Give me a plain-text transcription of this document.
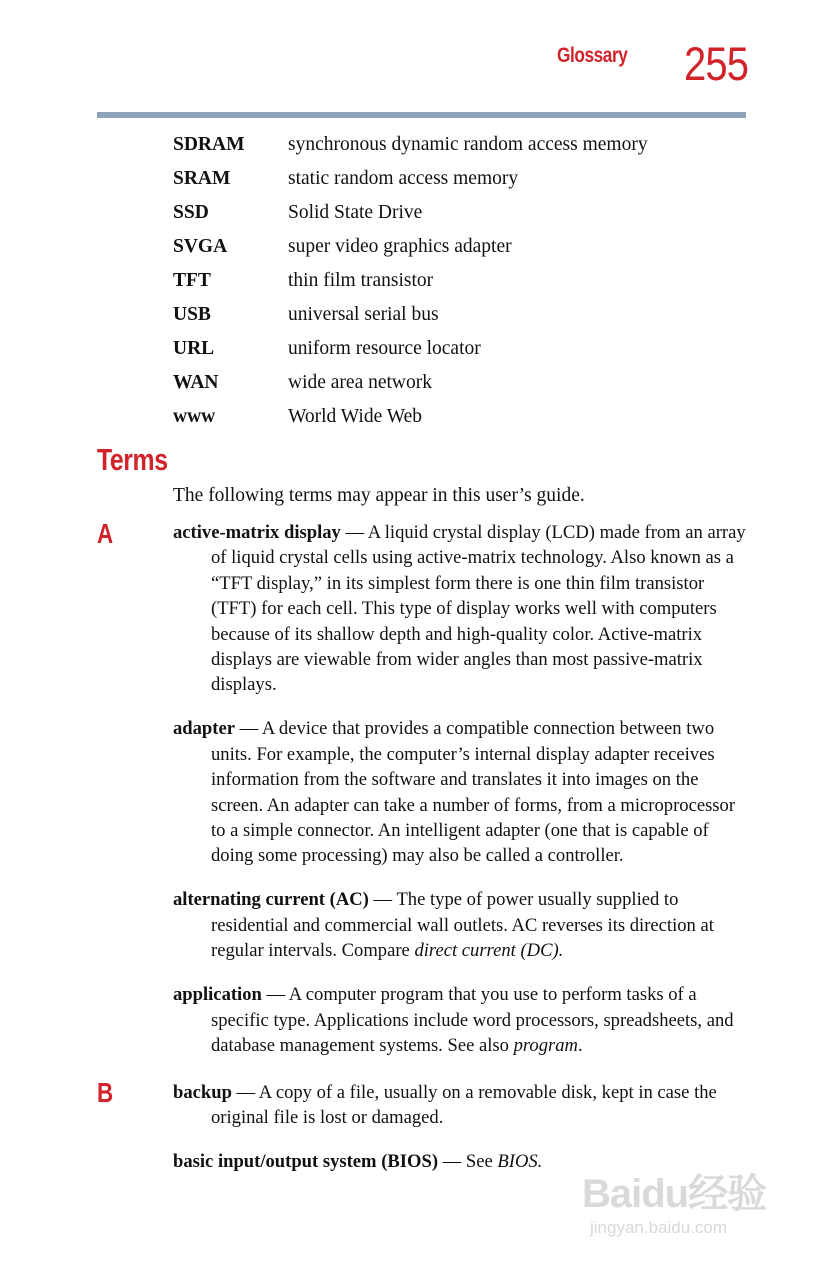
Glossary 255
SDRAM	synchronous dynamic random access memory
SRAM	static random access memory
SSD	Solid State Drive
SVGA	super video graphics adapter
TFT	thin film transistor
USB	universal serial bus
URL	uniform resource locator
WAN	wide area network
www	World Wide Web
Terms
The following terms may appear in this user’s guide.
A
B

active-matrix display — A liquid crystal display (LCD) made from an array of liquid crystal cells using active-matrix technology. Also known as a “TFT display,” in its simplest form there is one thin film transistor (TFT) for each cell. This type of display works well with computers because of its shallow depth and high-quality color. Active-matrix displays are viewable from wider angles than most passive-matrix displays.

adapter — A device that provides a compatible connection between two units. For example, the computer’s internal display adapter receives information from the software and translates it into images on the screen. An adapter can take a number of forms, from a microprocessor to a simple connector. An intelligent adapter (one that is capable of doing some processing) may also be called a controller.

alternating current (AC) — The type of power usually supplied to residential and commercial wall outlets. AC reverses its direction at regular intervals. Compare direct current (DC).

application — A computer program that you use to perform tasks of a specific type. Applications include word processors, spreadsheets, and database management systems. See also program.

backup — A copy of a file, usually on a removable disk, kept in case the original file is lost or damaged.

basic input/output system (BIOS) — See BIOS.

Baidu经验
jingyan.baidu.com
